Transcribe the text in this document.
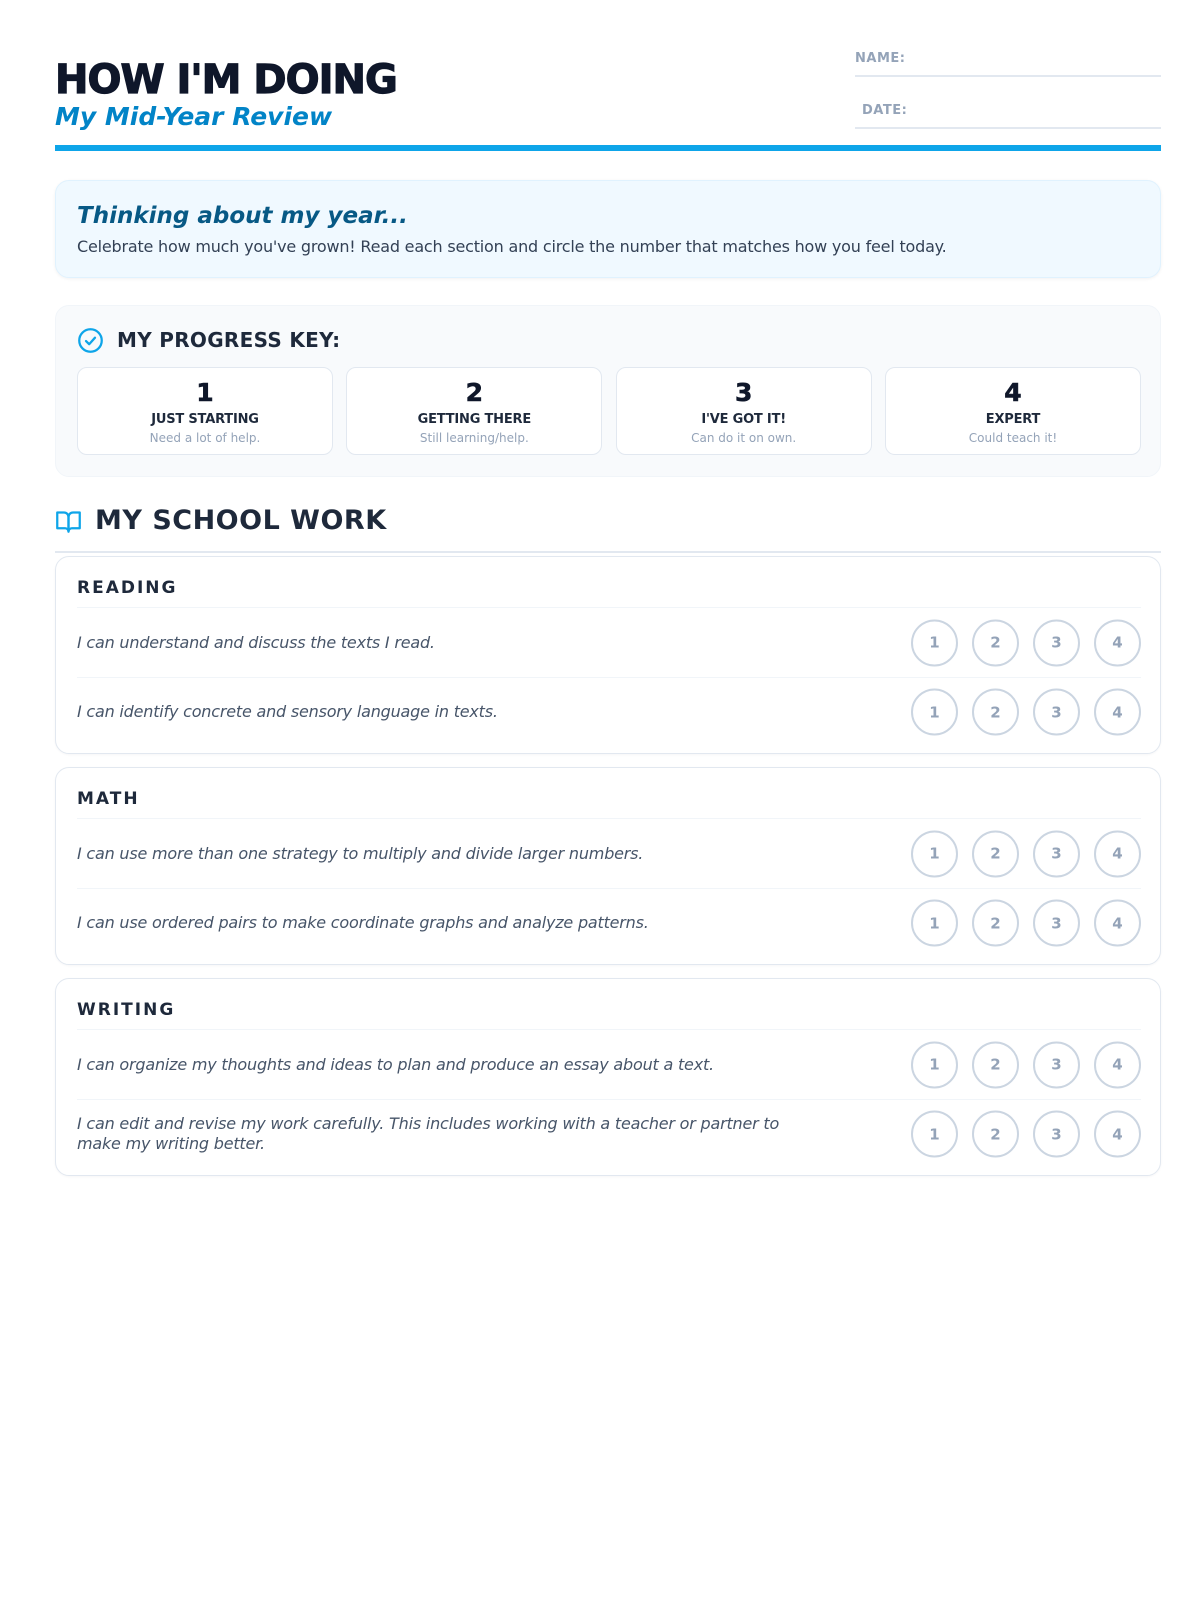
HOW I'M DOING
My Mid-Year Review
NAME:
DATE:
Thinking about my year...
Celebrate how much you've grown! Read each section and circle the number that matches how you feel today.
MY PROGRESS KEY:
1
JUST STARTING
Need a lot of help.
2
GETTING THERE
Still learning/help.
3
I'VE GOT IT!
Can do it on own.
4
EXPERT
Could teach it!
MY SCHOOL WORK
READING
I can understand and discuss the texts I read.	1	2	3	4
I can identify concrete and sensory language in texts.	1	2	3	4
MATH
I can use more than one strategy to multiply and divide larger numbers.	1	2	3	4
I can use ordered pairs to make coordinate graphs and analyze patterns.	1	2	3	4
WRITING
I can organize my thoughts and ideas to plan and produce an essay about a text.	1	2	3	4
I can edit and revise my work carefully. This includes working with a teacher or partner to make my writing better.	1	2	3	4
